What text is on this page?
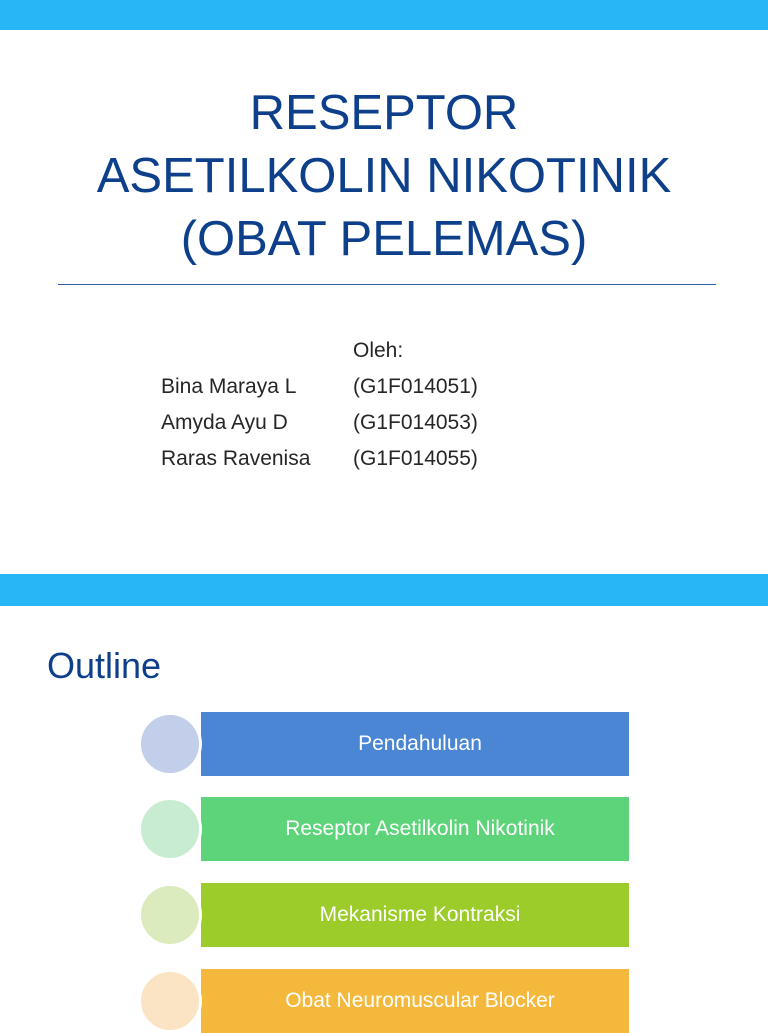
RESEPTOR
ASETILKOLIN NIKOTINIK
(OBAT PELEMAS)
Oleh:
Bina Maraya L	(G1F014051)
Amyda Ayu D	(G1F014053)
Raras Ravenisa	(G1F014055)
Outline
Pendahuluan
Reseptor Asetilkolin Nikotinik
Mekanisme Kontraksi
Obat Neuromuscular Blocker
